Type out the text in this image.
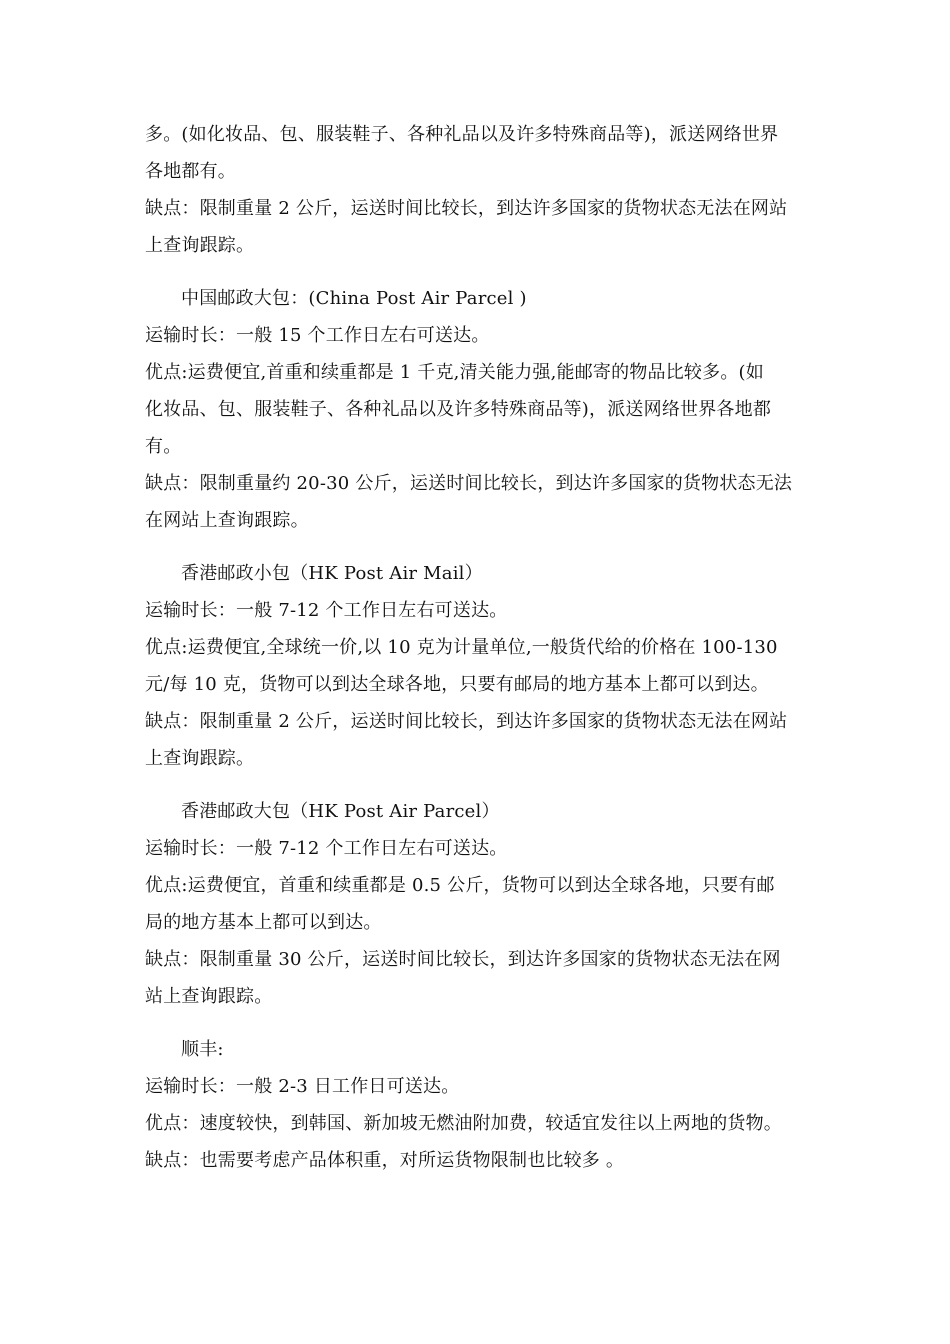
多。(如化妆品、包、服装鞋子、各种礼品以及许多特殊商品等)，派送网络世界
各地都有。
缺点：限制重量 2 公斤，运送时间比较长，到达许多国家的货物状态无法在网站
上查询跟踪。
中国邮政大包：(China Post Air Parcel )
运输时长：一般 15 个工作日左右可送达。
优点:运费便宜,首重和续重都是 1 千克,清关能力强,能邮寄的物品比较多。(如
化妆品、包、服装鞋子、各种礼品以及许多特殊商品等)，派送网络世界各地都
有。
缺点：限制重量约 20-30 公斤，运送时间比较长，到达许多国家的货物状态无法
在网站上查询跟踪。
香港邮政小包（HK Post Air Mail）
运输时长：一般 7-12 个工作日左右可送达。
优点:运费便宜,全球统一价,以 10 克为计量单位,一般货代给的价格在 100-130
元/每 10 克，货物可以到达全球各地，只要有邮局的地方基本上都可以到达。
缺点：限制重量 2 公斤，运送时间比较长，到达许多国家的货物状态无法在网站
上查询跟踪。
香港邮政大包（HK Post Air Parcel）
运输时长：一般 7-12 个工作日左右可送达。
优点:运费便宜，首重和续重都是 0.5 公斤，货物可以到达全球各地，只要有邮
局的地方基本上都可以到达。
缺点：限制重量 30 公斤，运送时间比较长，到达许多国家的货物状态无法在网
站上查询跟踪。
顺丰:
运输时长：一般 2-3 日工作日可送达。
优点：速度较快，到韩国、新加坡无燃油附加费，较适宜发往以上两地的货物。
缺点：也需要考虑产品体积重，对所运货物限制也比较多 。
